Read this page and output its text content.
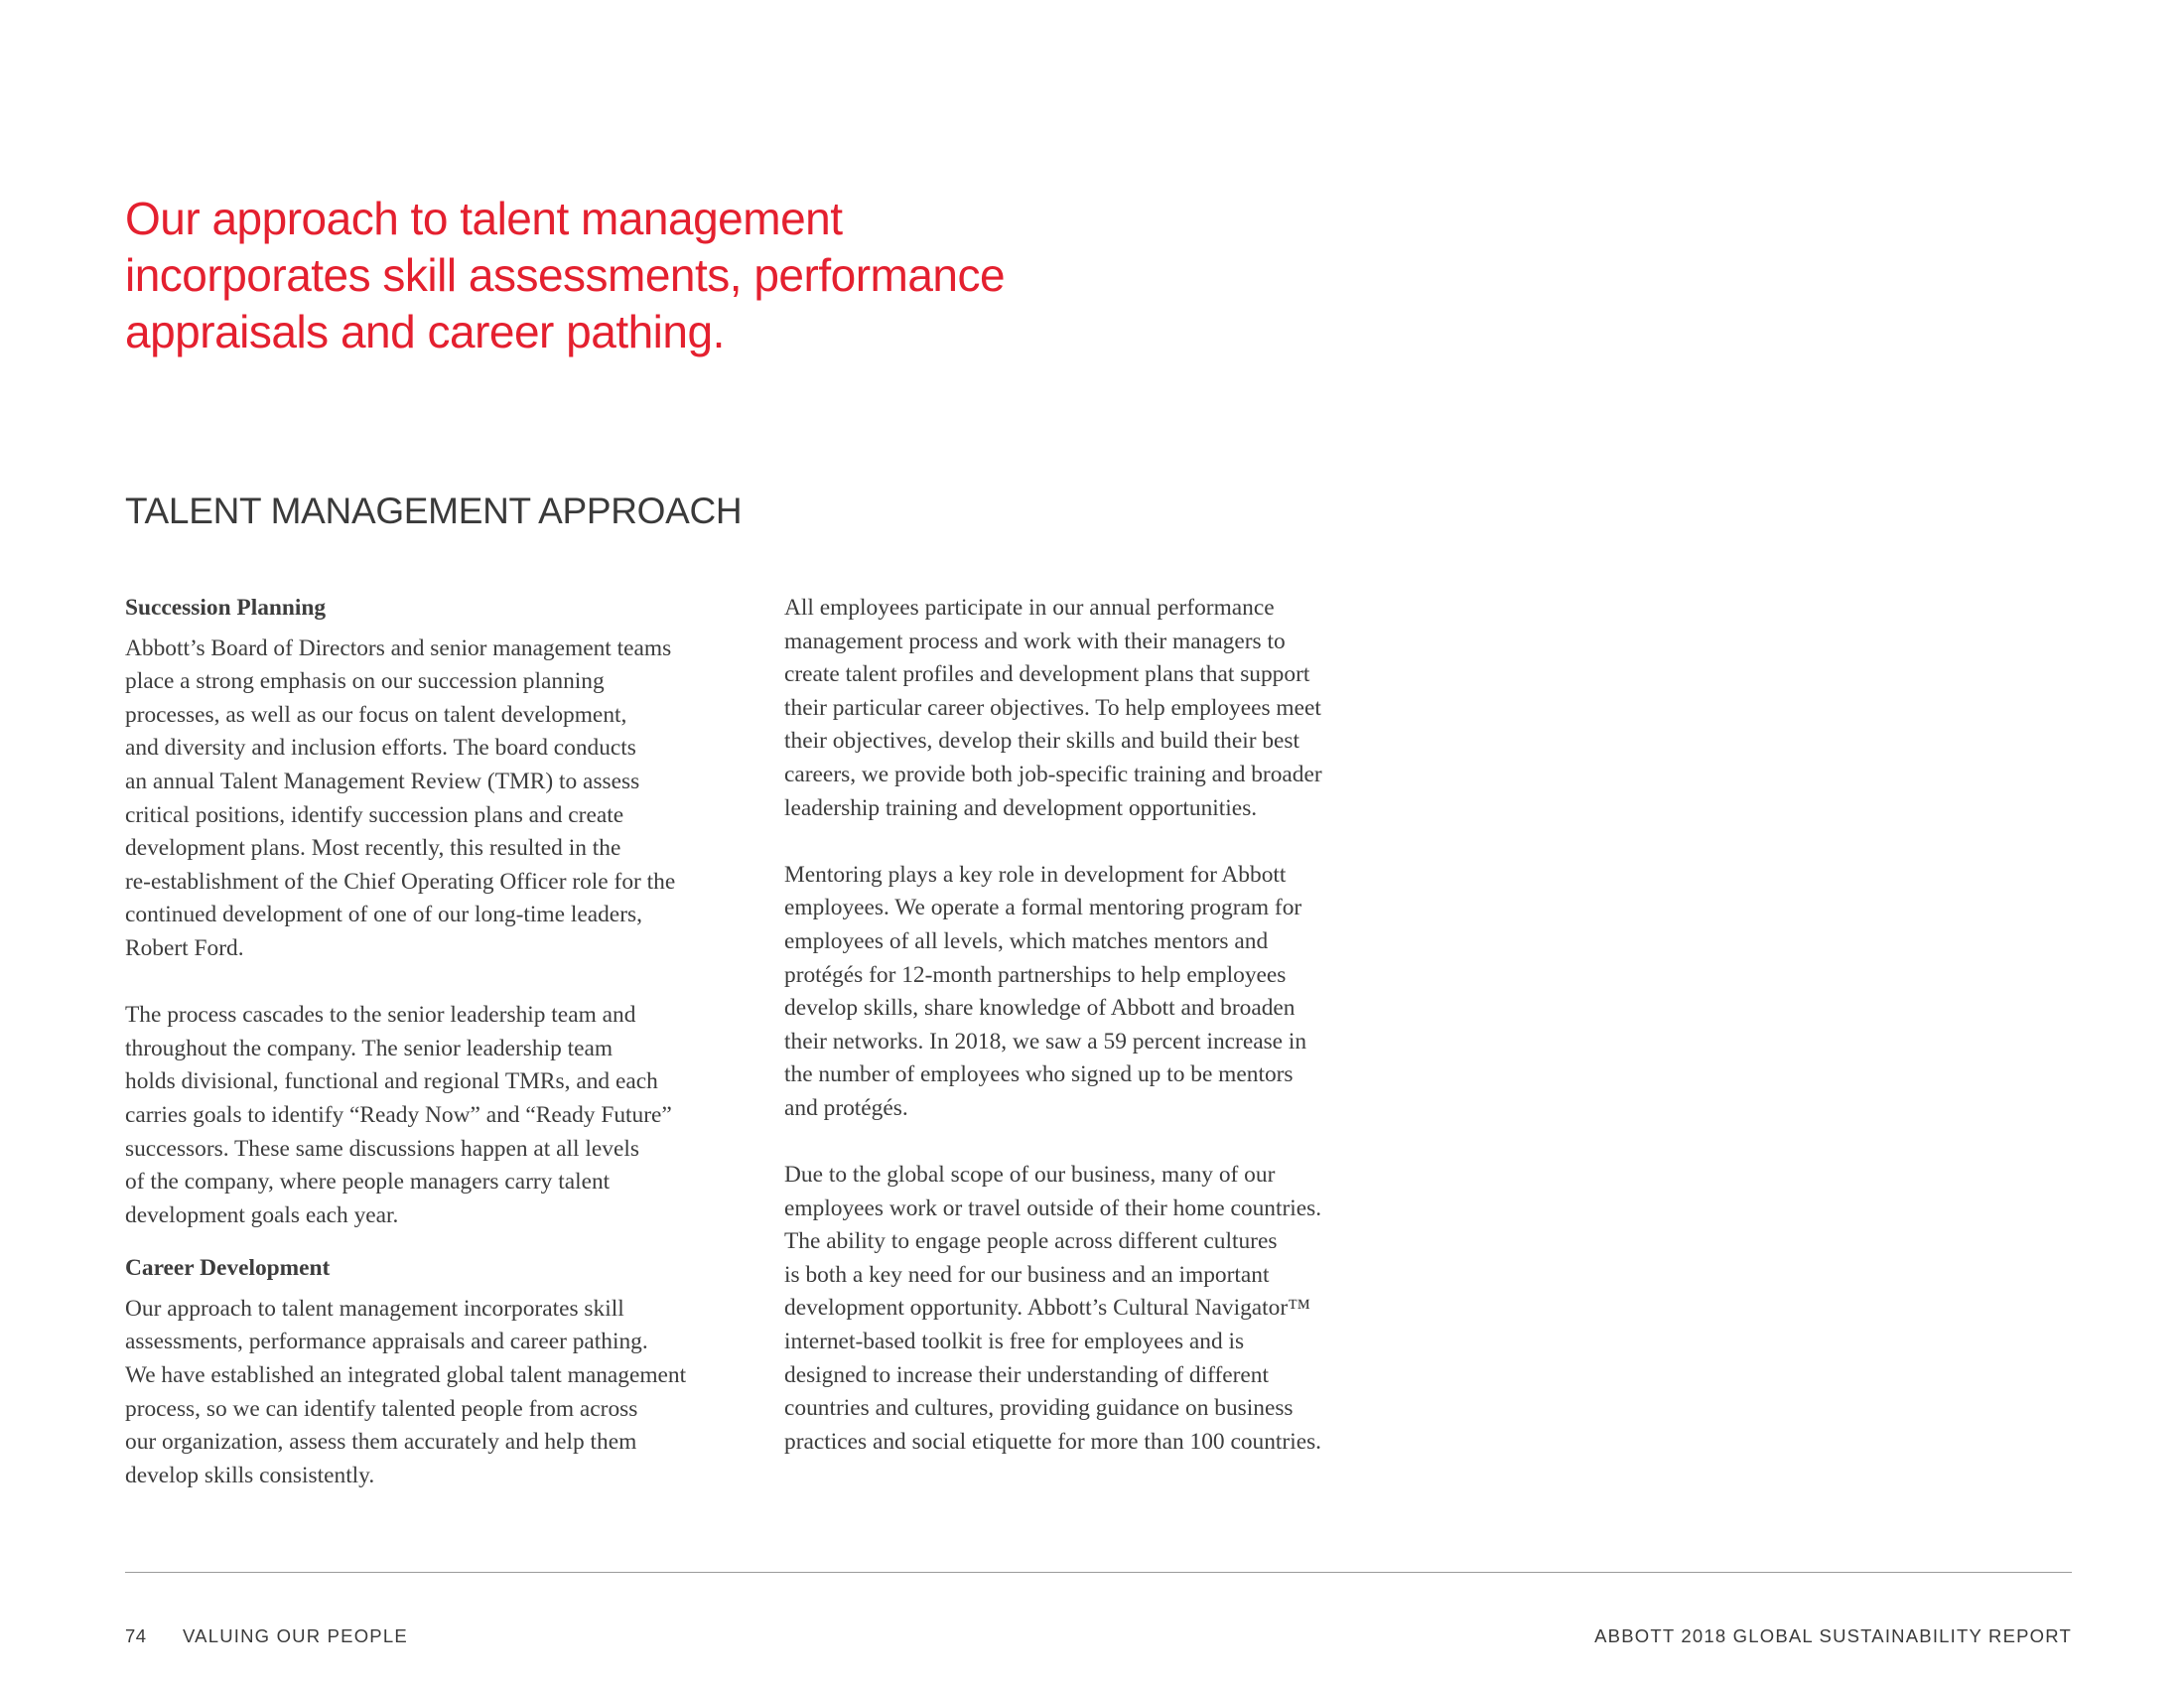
Our approach to talent management
incorporates skill assessments, performance
appraisals and career pathing.
TALENT MANAGEMENT APPROACH
Succession Planning

Abbott’s Board of Directors and senior management teams
place a strong emphasis on our succession planning
processes, as well as our focus on talent development,
and diversity and inclusion efforts. The board conducts
an annual Talent Management Review (TMR) to assess
critical positions, identify succession plans and create
development plans. Most recently, this resulted in the
re-establishment of the Chief Operating Officer role for the
continued development of one of our long-time leaders,
Robert Ford.

The process cascades to the senior leadership team and
throughout the company. The senior leadership team
holds divisional, functional and regional TMRs, and each
carries goals to identify “Ready Now” and “Ready Future”
successors. These same discussions happen at all levels
of the company, where people managers carry talent
development goals each year.

Career Development

Our approach to talent management incorporates skill
assessments, performance appraisals and career pathing.
We have established an integrated global talent management
process, so we can identify talented people from across
our organization, assess them accurately and help them
develop skills consistently.

All employees participate in our annual performance
management process and work with their managers to
create talent profiles and development plans that support
their particular career objectives. To help employees meet
their objectives, develop their skills and build their best
careers, we provide both job-specific training and broader
leadership training and development opportunities.

Mentoring plays a key role in development for Abbott
employees. We operate a formal mentoring program for
employees of all levels, which matches mentors and
protégés for 12-month partnerships to help employees
develop skills, share knowledge of Abbott and broaden
their networks. In 2018, we saw a 59 percent increase in
the number of employees who signed up to be mentors
and protégés.

Due to the global scope of our business, many of our
employees work or travel outside of their home countries.
The ability to engage people across different cultures
is both a key need for our business and an important
development opportunity. Abbott’s Cultural Navigator™
internet-based toolkit is free for employees and is
designed to increase their understanding of different
countries and cultures, providing guidance on business
practices and social etiquette for more than 100 countries.

74 VALUING OUR PEOPLE	ABBOTT 2018 GLOBAL SUSTAINABILITY REPORT
